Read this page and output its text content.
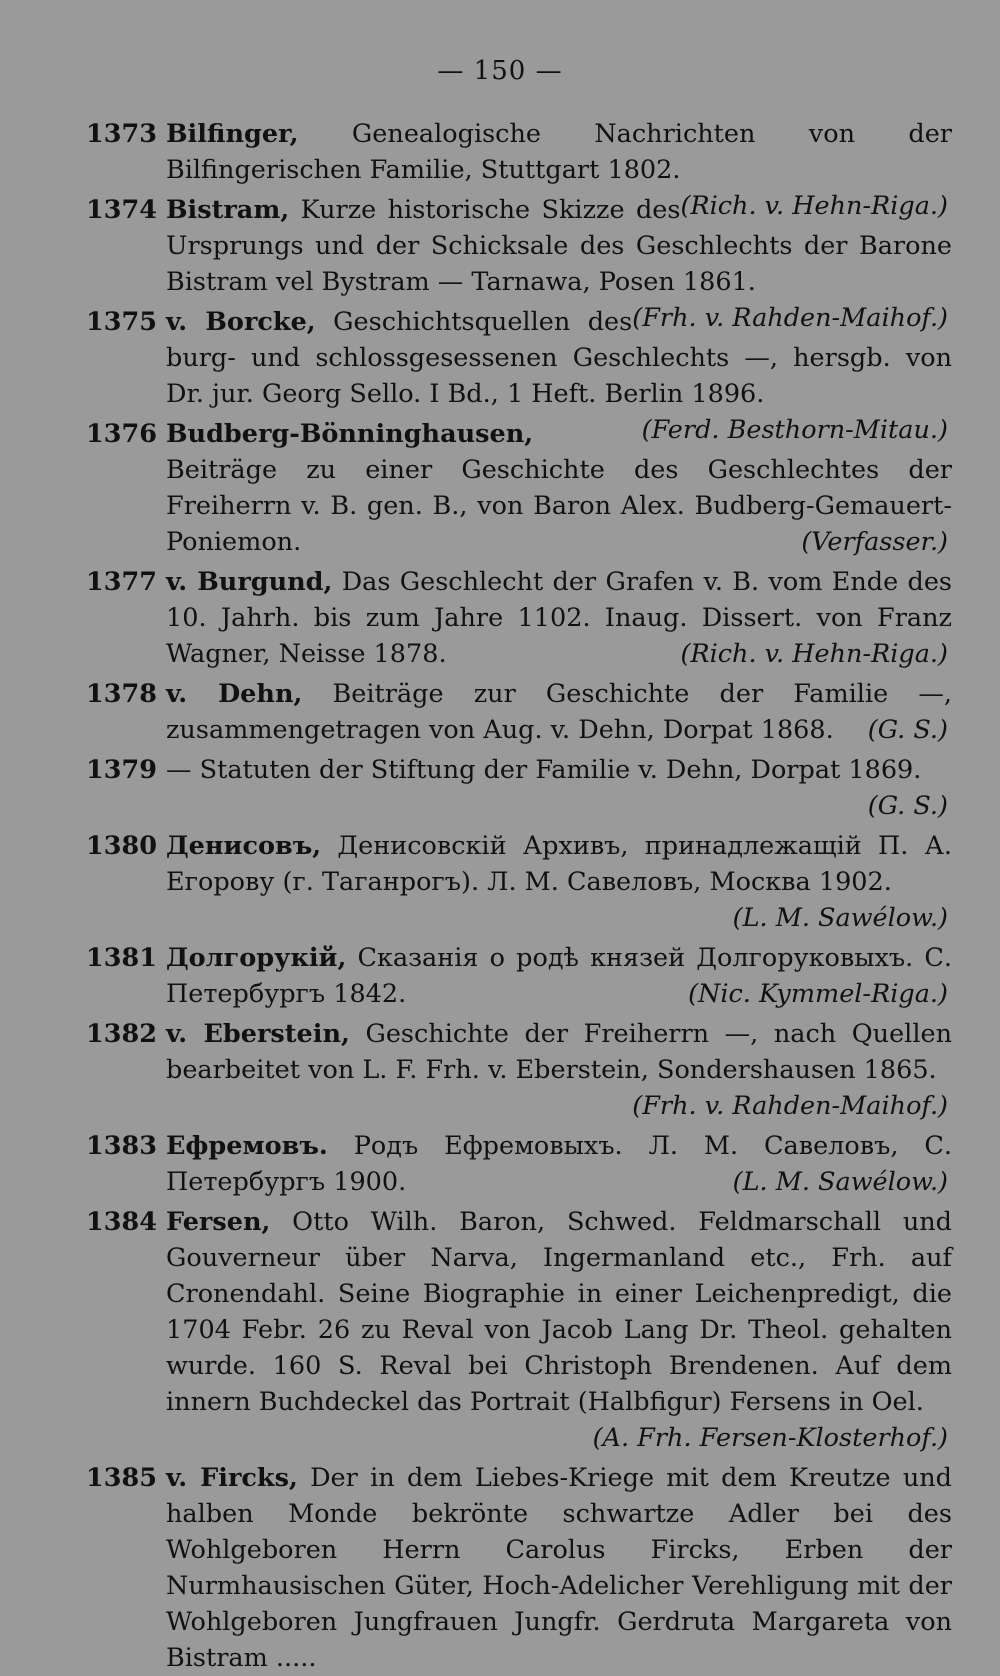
— 150 —
1373 Bilfinger, Genealogische Nachrichten von der Bilfingerischen Familie, Stuttgart 1802.
(Rich. v. Hehn-Riga.)
1374 Bistram, Kurze historische Skizze des Ursprungs und der Schicksale des Geschlechts der Barone Bistram vel Bystram — Tarnawa, Posen 1861.
(Frh. v. Rahden-Maihof.)
1375 v. Borcke, Geschichtsquellen des burg- und schlossgesessenen Geschlechts —, hersgb. von Dr. jur. Georg Sello. I Bd., 1 Heft. Berlin 1896.
(Ferd. Besthorn-Mitau.)
1376 Budberg-Bönninghausen, Beiträge zu einer Geschichte des Geschlechtes der Freiherrn v. B. gen. B., von Baron Alex. Budberg-Gemauert-Poniemon.	(Verfasser.)
1377 v. Burgund, Das Geschlecht der Grafen v. B. vom Ende des 10. Jahrh. bis zum Jahre 1102. Inaug. Dissert. von Franz Wagner, Neisse 1878.	(Rich. v. Hehn-Riga.)
1378 v. Dehn, Beiträge zur Geschichte der Familie —, zusammengetragen von Aug. v. Dehn, Dorpat 1868. (G. S.)
1379 — Statuten der Stiftung der Familie v. Dehn, Dorpat 1869.
(G. S.)
1380 Денисовъ, Денисовскій Архивъ, принадлежащій П. А. Егорову (г. Таганрогъ). Л. М. Савеловъ, Москва 1902.
(L. M. Sawélow.)
1381 Долгорукій, Сказанія о родѣ князей Долгоруковыхъ. С. Петербургъ 1842.	(Nic. Kymmel-Riga.)
1382 v. Eberstein, Geschichte der Freiherrn —, nach Quellen bearbeitet von L. F. Frh. v. Eberstein, Sondershausen 1865.
(Frh. v. Rahden-Maihof.)
1383 Ефремовъ. Родъ Ефремовыхъ. Л. М. Савеловъ, С. Петербургъ 1900.	(L. M. Sawélow.)
1384 Fersen, Otto Wilh. Baron, Schwed. Feldmarschall und Gouverneur über Narva, Ingermanland etc., Frh. auf Cronendahl. Seine Biographie in einer Leichenpredigt, die 1704 Febr. 26 zu Reval von Jacob Lang Dr. Theol. gehalten wurde. 160 S. Reval bei Christoph Brendenen. Auf dem innern Buchdeckel das Portrait (Halbfigur) Fersens in Oel.
(A. Frh. Fersen-Klosterhof.)
1385 v. Fircks, Der in dem Liebes-Kriege mit dem Kreutze und halben Monde bekrönte schwartze Adler bei des Wohlgeboren Herrn Carolus Fircks, Erben der Nurmhausischen Güter, Hoch-Adelicher Verehligung mit der Wohlgeboren Jungfrauen Jungfr. Gerdruta Margareta von Bistram .....
